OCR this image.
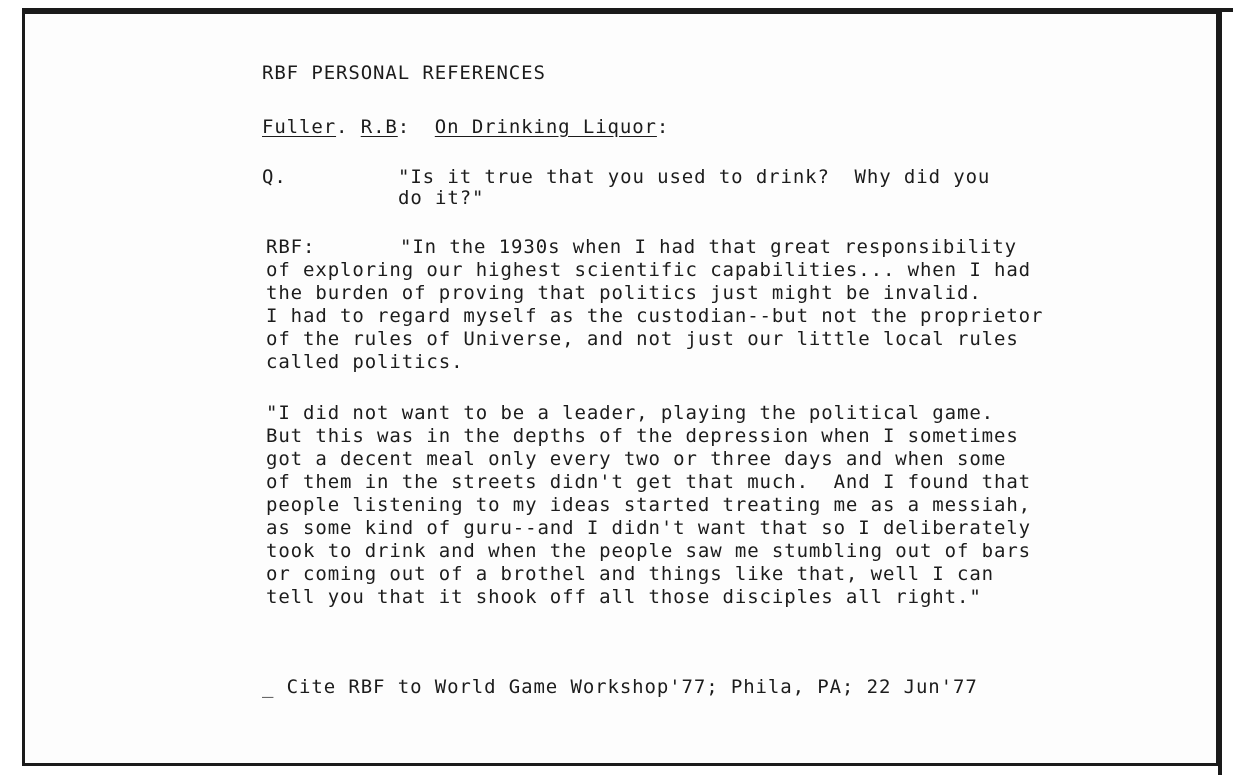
RBF PERSONAL REFERENCES
Fuller. R.B:  On Drinking Liquor:
Q.	"Is it true that you used to drink?  Why did you
do it?"
RBF:	"In the 1930s when I had that great responsibility
of exploring our highest scientific capabilities... when I had
the burden of proving that politics just might be invalid.
I had to regard myself as the custodian--but not the proprietor
of the rules of Universe, and not just our little local rules
called politics.
"I did not want to be a leader, playing the political game.
But this was in the depths of the depression when I sometimes
got a decent meal only every two or three days and when some
of them in the streets didn't get that much.  And I found that
people listening to my ideas started treating me as a messiah,
as some kind of guru--and I didn't want that so I deliberately
took to drink and when the people saw me stumbling out of bars
or coming out of a brothel and things like that, well I can
tell you that it shook off all those disciples all right."
_ Cite RBF to World Game Workshop'77; Phila, PA; 22 Jun'77
